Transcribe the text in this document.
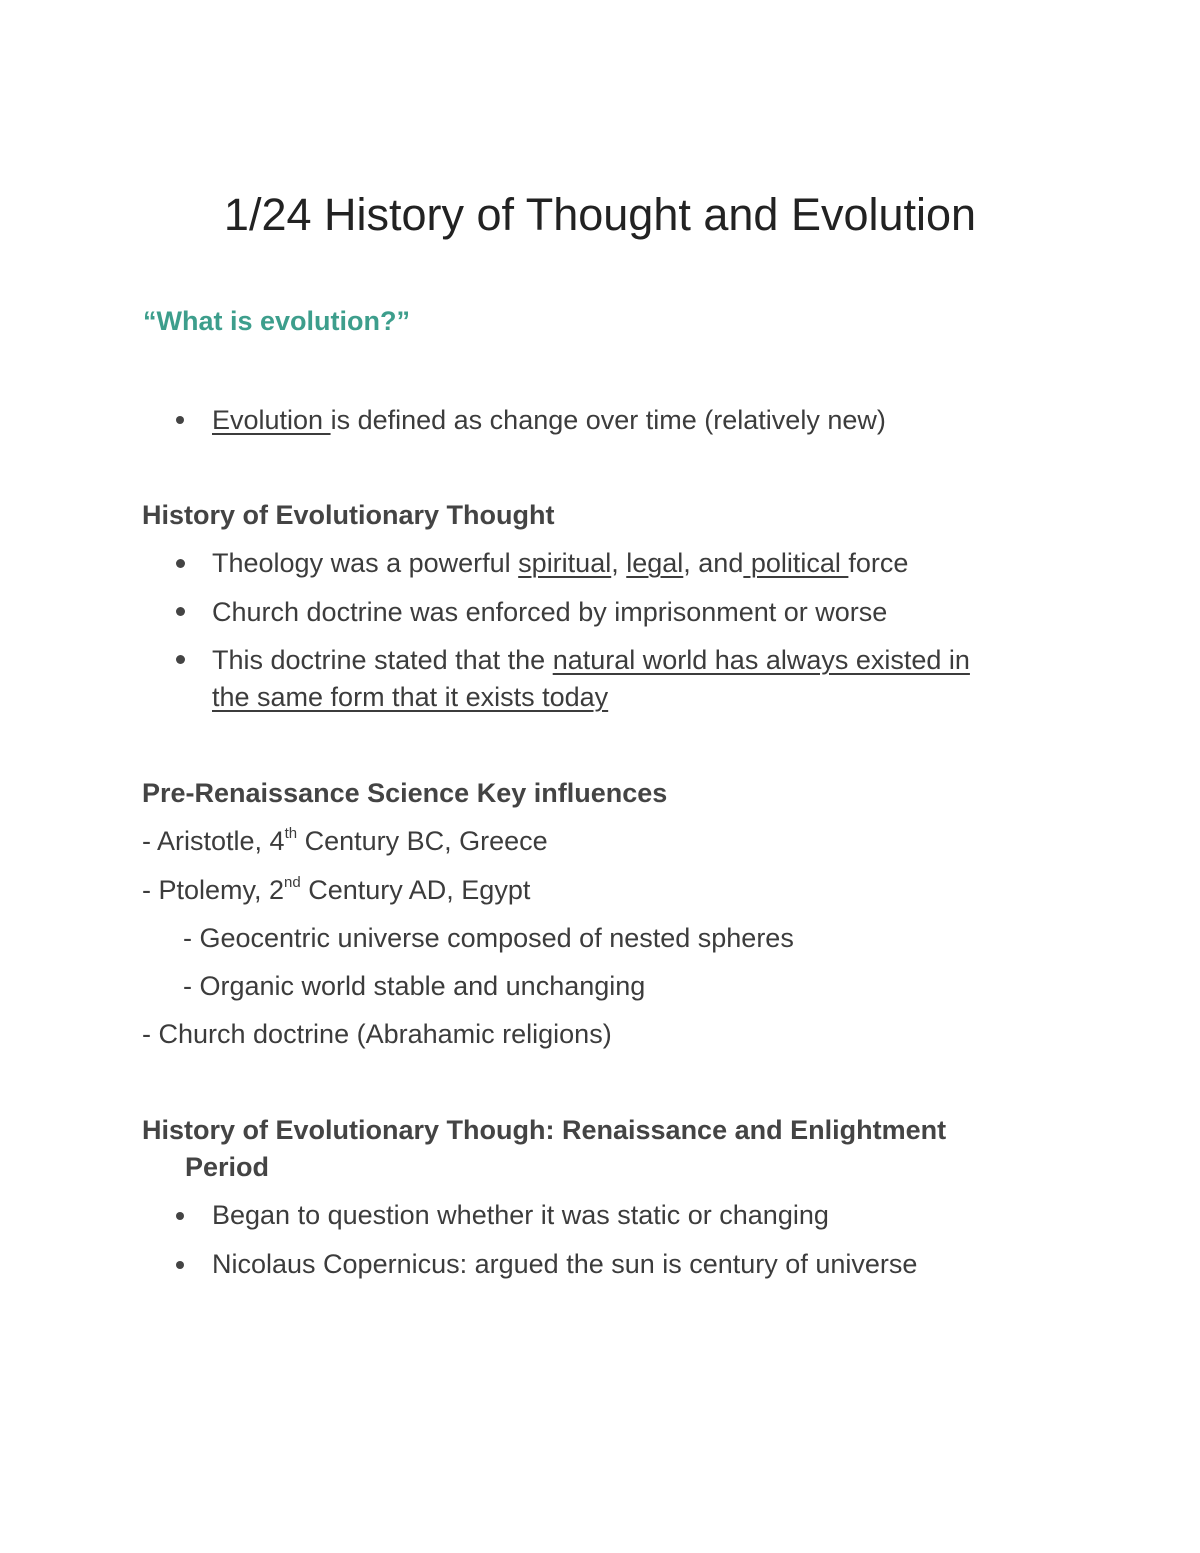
1/24 History of Thought and Evolution
“What is evolution?”
Evolution is defined as change over time (relatively new)
History of Evolutionary Thought
Theology was a powerful spiritual, legal, and political force
Church doctrine was enforced by imprisonment or worse
This doctrine stated that the natural world has always existed in
the same form that it exists today
Pre-Renaissance Science Key influences
- Aristotle, 4th Century BC, Greece
- Ptolemy, 2nd Century AD, Egypt
- Geocentric universe composed of nested spheres
- Organic world stable and unchanging
- Church doctrine (Abrahamic religions)
History of Evolutionary Though: Renaissance and Enlightment
Period
Began to question whether it was static or changing
Nicolaus Copernicus: argued the sun is century of universe
